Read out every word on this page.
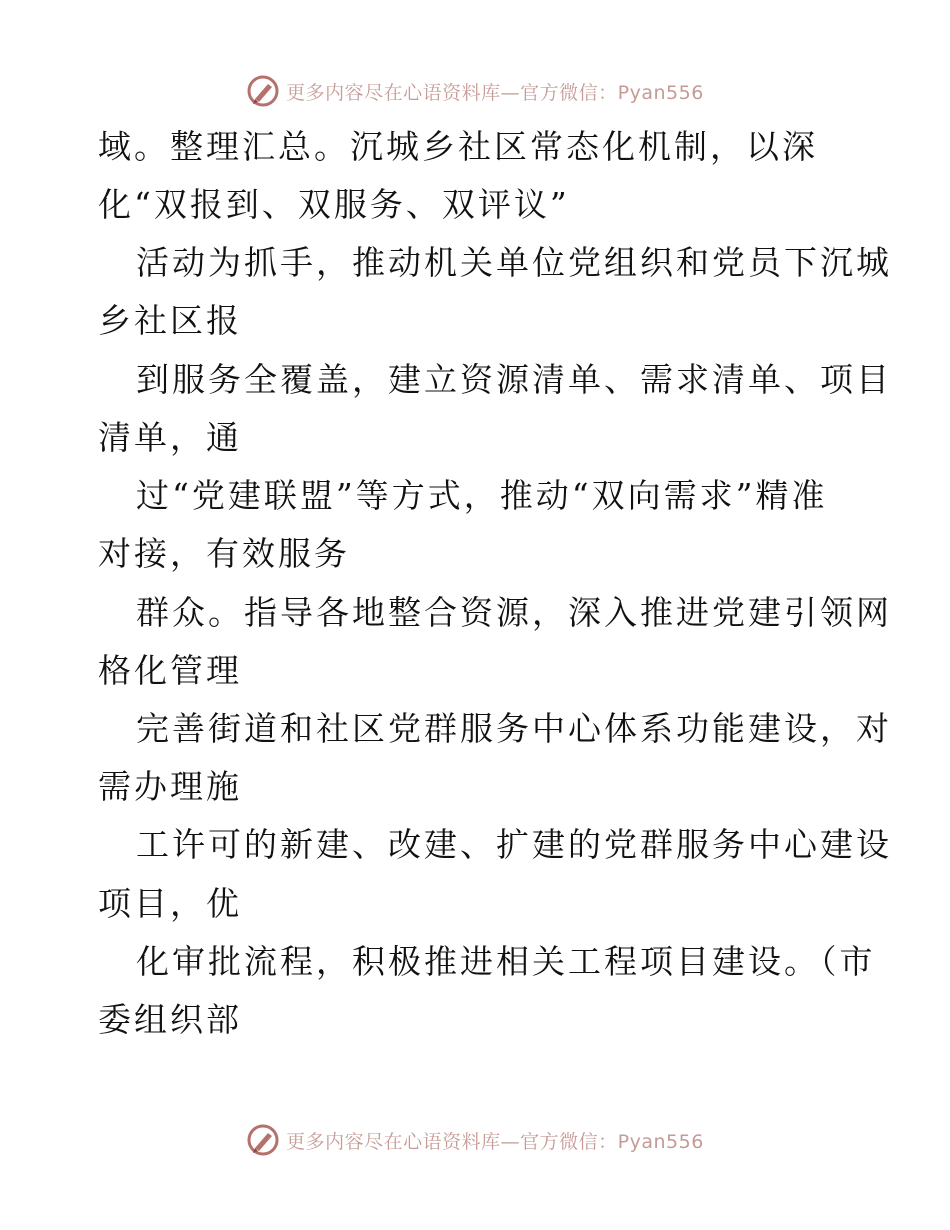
更多内容尽在心语资料库—官方微信：Pyan556
域。整理汇总。沉城乡社区常态化机制，以深
化“双报到、双服务、双评议”
活动为抓手，推动机关单位党组织和党员下沉城
乡社区报
到服务全覆盖，建立资源清单、需求清单、项目
清单，通
过“党建联盟”等方式，推动“双向需求”精准
对接，有效服务
群众。指导各地整合资源，深入推进党建引领网
格化管理
完善街道和社区党群服务中心体系功能建设，对
需办理施
工许可的新建、改建、扩建的党群服务中心建设
项目，优
化审批流程，积极推进相关工程项目建设。（市
委组织部
更多内容尽在心语资料库—官方微信：Pyan556
